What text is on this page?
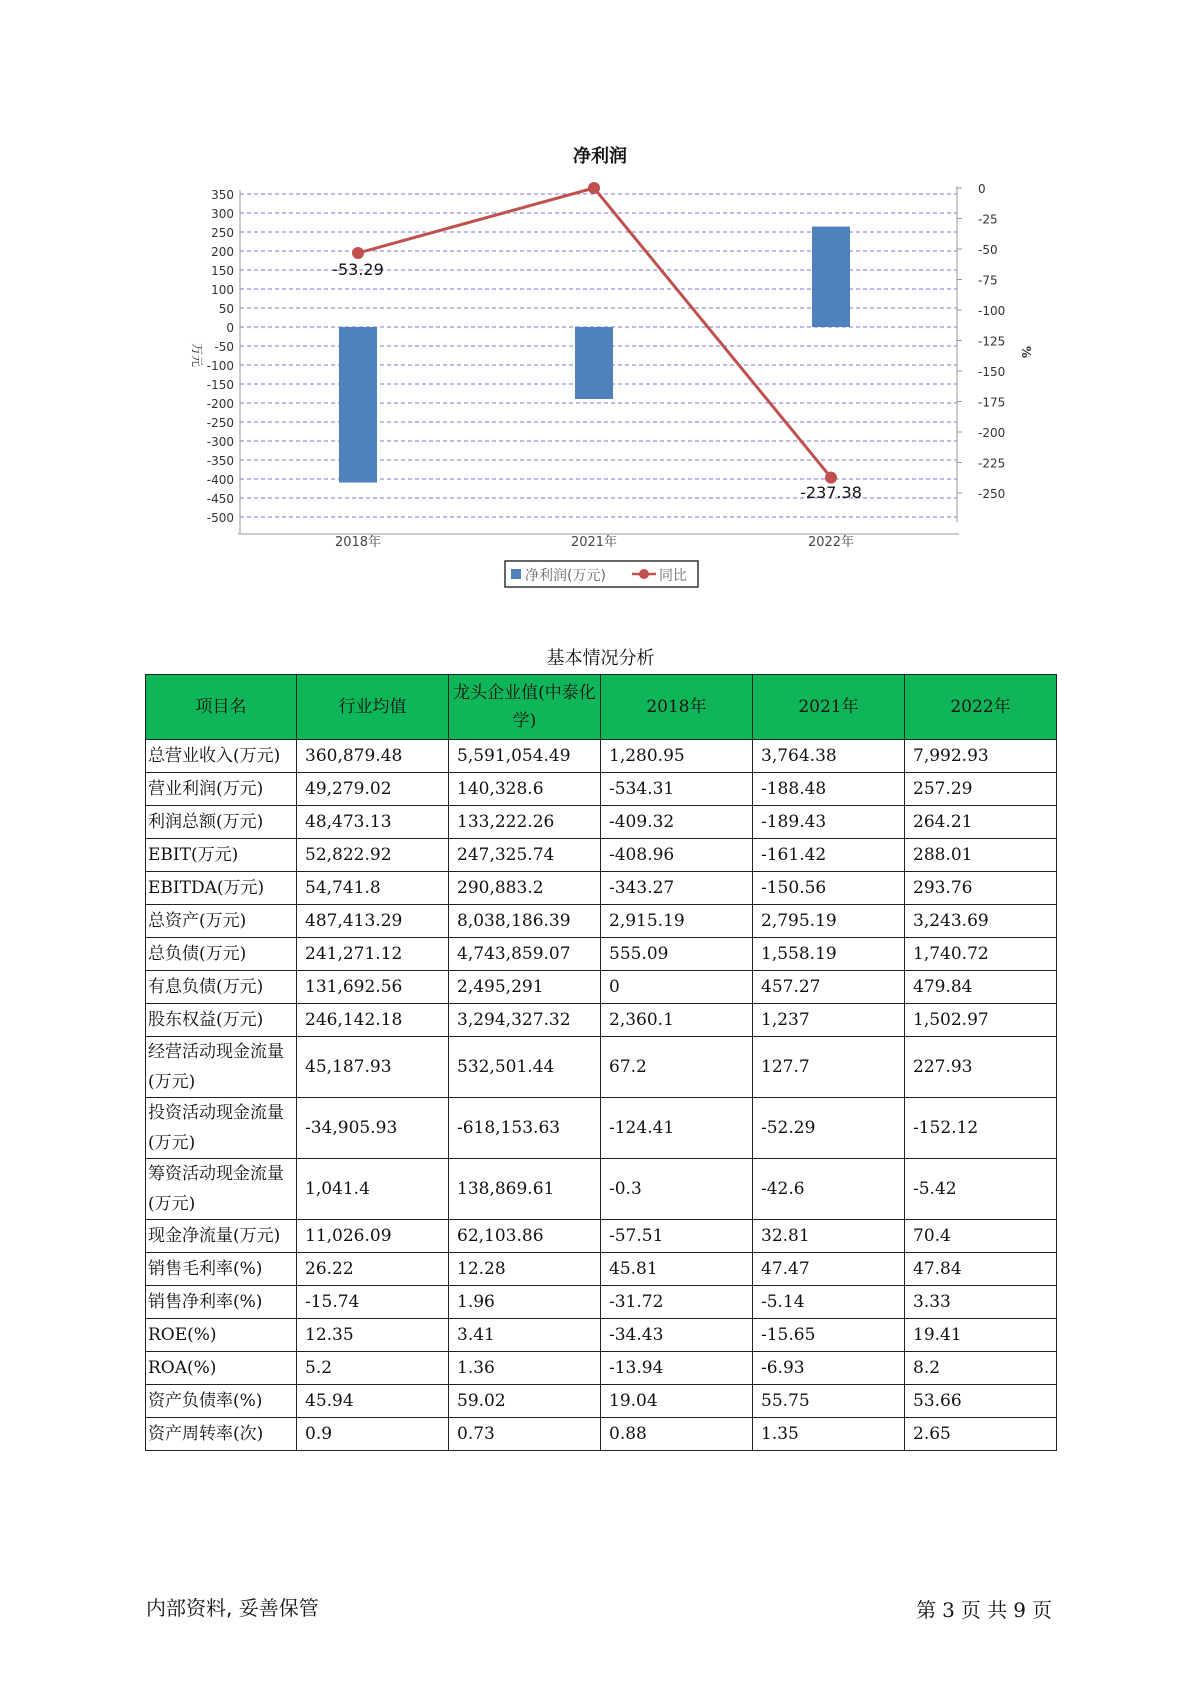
350
300
250
200
150
100
50
0
-50
-100
-150
-200
-250
-300
-350
-400
-450
-500
0
-25
-50
-75
-100
-125
-150
-175
-200
-225
-250
万元	%
净利润
2018年	2021年	2022年
-53.29
-237.38
净利润(万元)	同比
基本情况分析
项目名	行业均值	龙头企业值(中泰化学)	2018年	2021年	2022年
总营业收入(万元)	360,879.48	5,591,054.49	1,280.95	3,764.38	7,992.93
营业利润(万元)	49,279.02	140,328.6	-534.31	-188.48	257.29
利润总额(万元)	48,473.13	133,222.26	-409.32	-189.43	264.21
EBIT(万元)	52,822.92	247,325.74	-408.96	-161.42	288.01
EBITDA(万元)	54,741.8	290,883.2	-343.27	-150.56	293.76
总资产(万元)	487,413.29	8,038,186.39	2,915.19	2,795.19	3,243.69
总负债(万元)	241,271.12	4,743,859.07	555.09	1,558.19	1,740.72
有息负债(万元)	131,692.56	2,495,291	0	457.27	479.84
股东权益(万元)	246,142.18	3,294,327.32	2,360.1	1,237	1,502.97
经营活动现金流量(万元)	45,187.93	532,501.44	67.2	127.7	227.93
投资活动现金流量(万元)	-34,905.93	-618,153.63	-124.41	-52.29	-152.12
筹资活动现金流量(万元)	1,041.4	138,869.61	-0.3	-42.6	-5.42
现金净流量(万元)	11,026.09	62,103.86	-57.51	32.81	70.4
销售毛利率(%)	26.22	12.28	45.81	47.47	47.84
销售净利率(%)	-15.74	1.96	-31.72	-5.14	3.33
ROE(%)	12.35	3.41	-34.43	-15.65	19.41
ROA(%)	5.2	1.36	-13.94	-6.93	8.2
资产负债率(%)	45.94	59.02	19.04	55.75	53.66
资产周转率(次)	0.9	0.73	0.88	1.35	2.65
内部资料, 妥善保管	第 3 页 共 9 页
